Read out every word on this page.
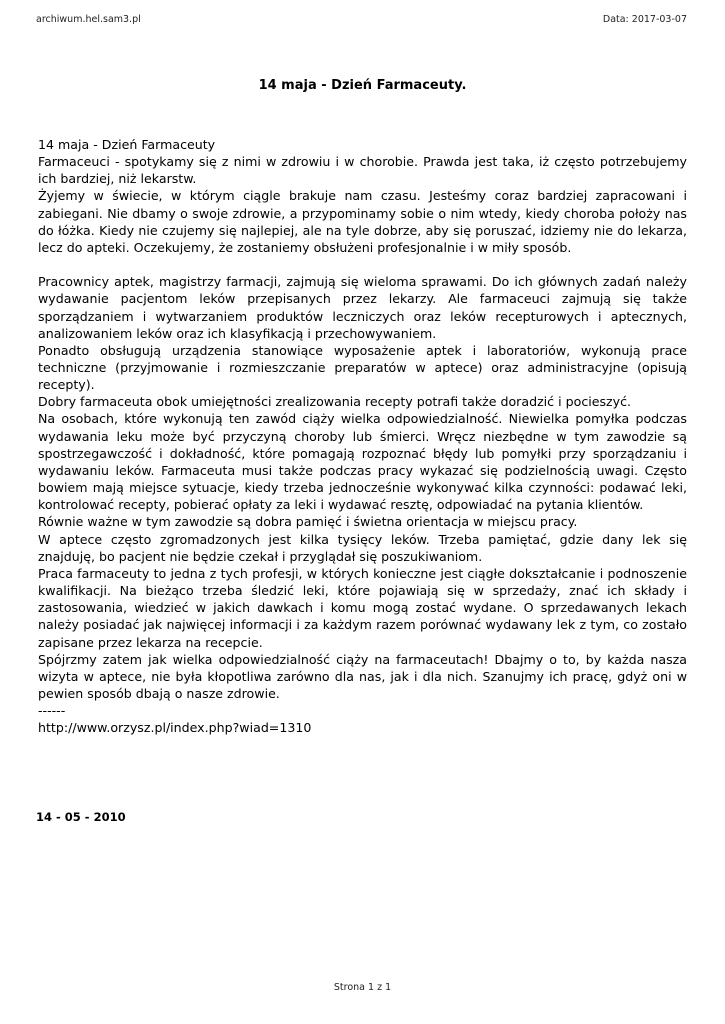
archiwum.hel.sam3.pl	Data: 2017-03-07
14 maja - Dzień Farmaceuty.

14 maja - Dzień Farmaceuty

Farmaceuci - spotykamy się z nimi w zdrowiu i w chorobie. Prawda jest taka, iż często potrzebujemy ich bardziej, niż lekarstw.

Żyjemy w świecie, w którym ciągle brakuje nam czasu. Jesteśmy coraz bardziej zapracowani i zabiegani. Nie dbamy o swoje zdrowie, a przypominamy sobie o nim wtedy, kiedy choroba położy nas do łóżka. Kiedy nie czujemy się najlepiej, ale na tyle dobrze, aby się poruszać, idziemy nie do lekarza, lecz do apteki. Oczekujemy, że zostaniemy obsłużeni profesjonalnie i w miły sposób.

Pracownicy aptek, magistrzy farmacji, zajmują się wieloma sprawami. Do ich głównych zadań należy wydawanie pacjentom leków przepisanych przez lekarzy. Ale farmaceuci zajmują się także sporządzaniem i wytwarzaniem produktów leczniczych oraz leków recepturowych i aptecznych, analizowaniem leków oraz ich klasyfikacją i przechowywaniem.

Ponadto obsługują urządzenia stanowiące wyposażenie aptek i laboratoriów, wykonują prace techniczne (przyjmowanie i rozmieszczanie preparatów w aptece) oraz administracyjne (opisują recepty).

Dobry farmaceuta obok umiejętności zrealizowania recepty potrafi także doradzić i pocieszyć.

Na osobach, które wykonują ten zawód ciąży wielka odpowiedzialność. Niewielka pomyłka podczas wydawania leku może być przyczyną choroby lub śmierci. Wręcz niezbędne w tym zawodzie są spostrzegawczość i dokładność, które pomagają rozpoznać błędy lub pomyłki przy sporządzaniu i wydawaniu leków. Farmaceuta musi także podczas pracy wykazać się podzielnością uwagi. Często bowiem mają miejsce sytuacje, kiedy trzeba jednocześnie wykonywać kilka czynności: podawać leki, kontrolować recepty, pobierać opłaty za leki i wydawać resztę, odpowiadać na pytania klientów.

Równie ważne w tym zawodzie są dobra pamięć i świetna orientacja w miejscu pracy.

W aptece często zgromadzonych jest kilka tysięcy leków. Trzeba pamiętać, gdzie dany lek się znajduję, bo pacjent nie będzie czekał i przyglądał się poszukiwaniom.

Praca farmaceuty to jedna z tych profesji, w których konieczne jest ciągłe dokształcanie i podnoszenie kwalifikacji. Na bieżąco trzeba śledzić leki, które pojawiają się w sprzedaży, znać ich składy i zastosowania, wiedzieć w jakich dawkach i komu mogą zostać wydane. O sprzedawanych lekach należy posiadać jak najwięcej informacji i za każdym razem porównać wydawany lek z tym, co zostało zapisane przez lekarza na recepcie.

Spójrzmy zatem jak wielka odpowiedzialność ciąży na farmaceutach! Dbajmy o to, by każda nasza wizyta w aptece, nie była kłopotliwa zarówno dla nas, jak i dla nich. Szanujmy ich pracę, gdyż oni w pewien sposób dbają o nasze zdrowie.

------

http://www.orzysz.pl/index.php?wiad=1310

14 - 05 - 2010
Strona 1 z 1
